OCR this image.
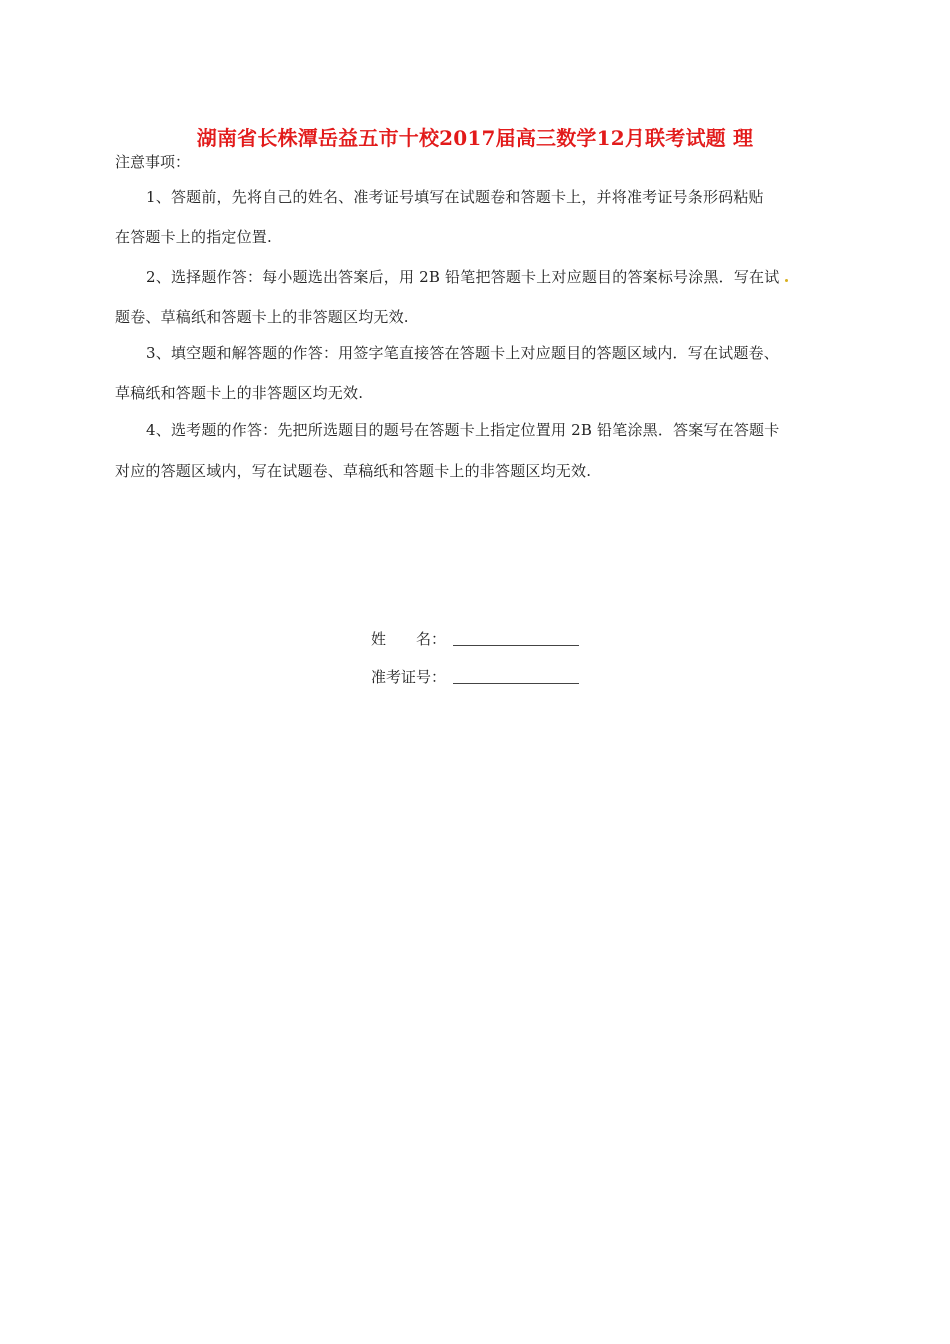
湖南省长株潭岳益五市十校2017届高三数学12月联考试题 理
注意事项：
1、答题前，先将自己的姓名、准考证号填写在试题卷和答题卡上，并将准考证号条形码粘贴
在答题卡上的指定位置.
2、选择题作答：每小题选出答案后，用 2B 铅笔把答题卡上对应题目的答案标号涂黑．写在试
题卷、草稿纸和答题卡上的非答题区均无效.
3、填空题和解答题的作答：用签字笔直接答在答题卡上对应题目的答题区域内．写在试题卷、
草稿纸和答题卡上的非答题区均无效.
4、选考题的作答：先把所选题目的题号在答题卡上指定位置用 2B 铅笔涂黑．答案写在答题卡
对应的答题区域内，写在试题卷、草稿纸和答题卡上的非答题区均无效.
姓　　名：
准考证号：
